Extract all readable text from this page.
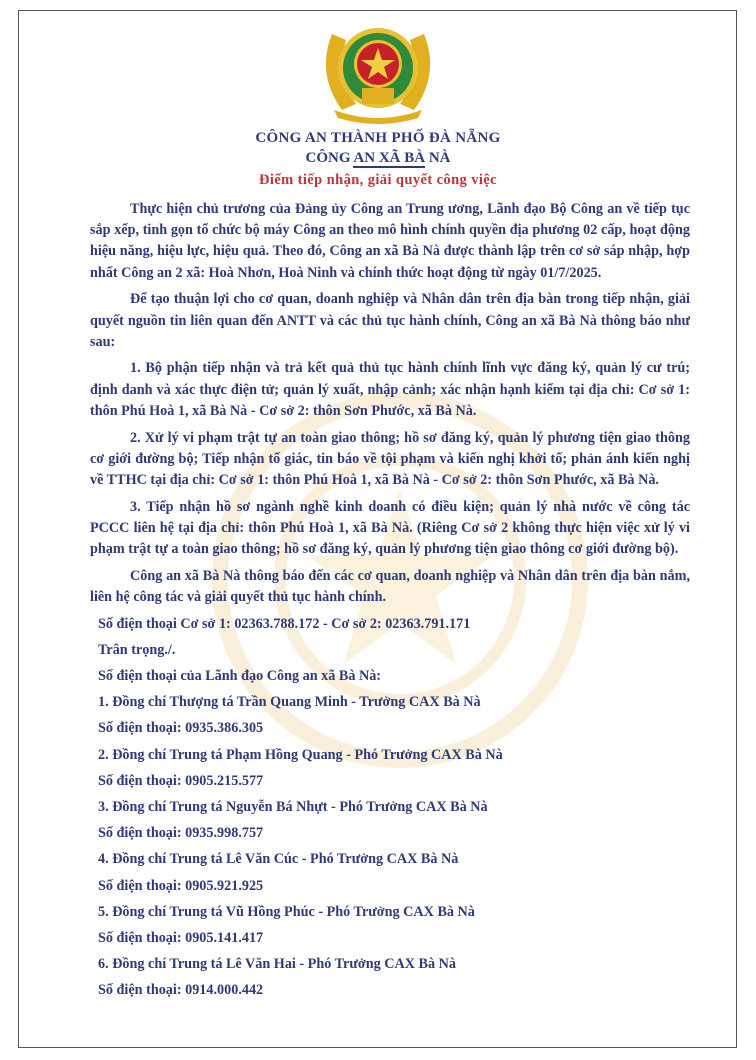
CÔNG AN THÀNH PHỐ ĐÀ NẴNG
CÔNG AN XÃ BÀ NÀ
Điểm tiếp nhận, giải quyết công việc

Thực hiện chủ trương của Đảng ủy Công an Trung ương, Lãnh đạo Bộ Công an về tiếp tục sắp xếp, tinh gọn tổ chức bộ máy Công an theo mô hình chính quyền địa phương 02 cấp, hoạt động hiệu năng, hiệu lực, hiệu quả. Theo đó, Công an xã Bà Nà được thành lập trên cơ sở sáp nhập, hợp nhất Công an 2 xã: Hoà Nhơn, Hoà Ninh và chính thức hoạt động từ ngày 01/7/2025.

Để tạo thuận lợi cho cơ quan, doanh nghiệp và Nhân dân trên địa bàn trong tiếp nhận, giải quyết nguồn tin liên quan đến ANTT và các thủ tục hành chính, Công an xã Bà Nà thông báo như sau:

1. Bộ phận tiếp nhận và trả kết quả thủ tục hành chính lĩnh vực đăng ký, quản lý cư trú; định danh và xác thực điện tử; quản lý xuất, nhập cảnh; xác nhận hạnh kiểm tại địa chỉ: Cơ sở 1: thôn Phú Hoà 1, xã Bà Nà - Cơ sở 2: thôn Sơn Phước, xã Bà Nà.

2. Xử lý vi phạm trật tự an toàn giao thông; hồ sơ đăng ký, quản lý phương tiện giao thông cơ giới đường bộ; Tiếp nhận tố giác, tin báo về tội phạm và kiến nghị khởi tố; phản ánh kiến nghị về TTHC tại địa chỉ: Cơ sở 1: thôn Phú Hoà 1, xã Bà Nà - Cơ sở 2: thôn Sơn Phước, xã Bà Nà.

3. Tiếp nhận hồ sơ ngành nghề kinh doanh có điều kiện; quản lý nhà nước về công tác PCCC liên hệ tại địa chỉ: thôn Phú Hoà 1, xã Bà Nà. (Riêng Cơ sở 2 không thực hiện việc xử lý vi phạm trật tự a toàn giao thông; hồ sơ đăng ký, quản lý phương tiện giao thông cơ giới đường bộ).

Công an xã Bà Nà thông báo đến các cơ quan, doanh nghiệp và Nhân dân trên địa bàn nắm, liên hệ công tác và giải quyết thủ tục hành chính.

Số điện thoại Cơ sở 1: 02363.788.172 - Cơ sở 2: 02363.791.171
Trân trọng./.
Số điện thoại của Lãnh đạo Công an xã Bà Nà:
1. Đồng chí Thượng tá Trần Quang Minh - Trưởng CAX Bà Nà
Số điện thoại: 0935.386.305
2. Đồng chí Trung tá Phạm Hồng Quang - Phó Trưởng CAX Bà Nà
Số điện thoại: 0905.215.577
3. Đồng chí Trung tá Nguyễn Bá Nhựt - Phó Trưởng CAX Bà Nà
Số điện thoại: 0935.998.757
4. Đồng chí Trung tá Lê Văn Cúc - Phó Trưởng CAX Bà Nà
Số điện thoại: 0905.921.925
5. Đồng chí Trung tá Vũ Hồng Phúc - Phó Trưởng CAX Bà Nà
Số điện thoại: 0905.141.417
6. Đồng chí Trung tá Lê Văn Hai - Phó Trưởng CAX Bà Nà
Số điện thoại: 0914.000.442
